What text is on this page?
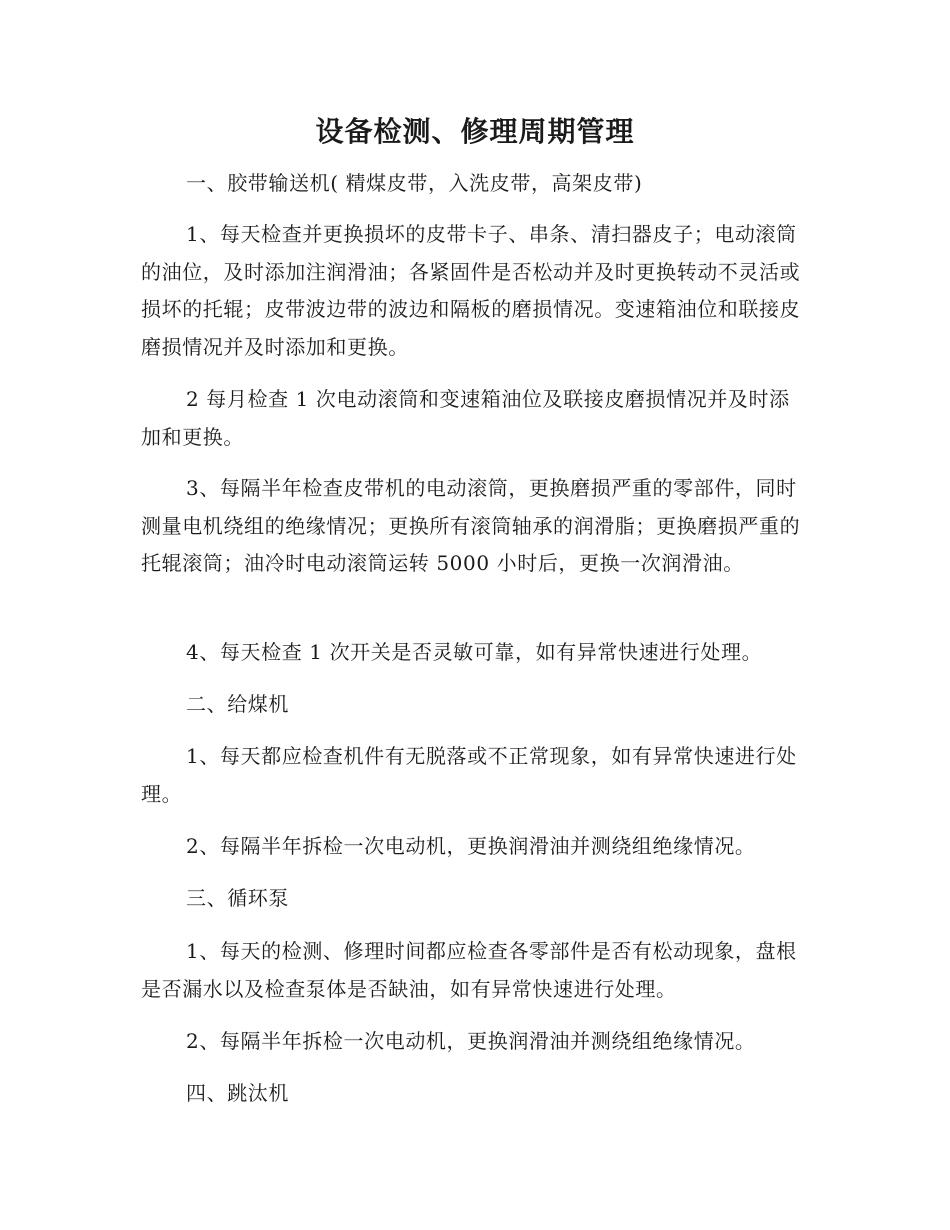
设备检测、修理周期管理

一、胶带输送机( 精煤皮带，入洗皮带，高架皮带)

1、每天检查并更换损坏的皮带卡子、串条、清扫器皮子；电动滚筒的油位，及时添加注润滑油；各紧固件是否松动并及时更换转动不灵活或损坏的托辊；皮带波边带的波边和隔板的磨损情况。变速箱油位和联接皮磨损情况并及时添加和更换。

2 每月检查 1 次电动滚筒和变速箱油位及联接皮磨损情况并及时添加和更换。

3、每隔半年检查皮带机的电动滚筒，更换磨损严重的零部件，同时测量电机绕组的绝缘情况；更换所有滚筒轴承的润滑脂；更换磨损严重的托辊滚筒；油冷时电动滚筒运转 5000 小时后，更换一次润滑油。

4、每天检查 1 次开关是否灵敏可靠，如有异常快速进行处理。

二、给煤机

1、每天都应检查机件有无脱落或不正常现象，如有异常快速进行处理。

2、每隔半年拆检一次电动机，更换润滑油并测绕组绝缘情况。

三、循环泵

1、每天的检测、修理时间都应检查各零部件是否有松动现象，盘根是否漏水以及检查泵体是否缺油，如有异常快速进行处理。

2、每隔半年拆检一次电动机，更换润滑油并测绕组绝缘情况。

四、跳汰机
